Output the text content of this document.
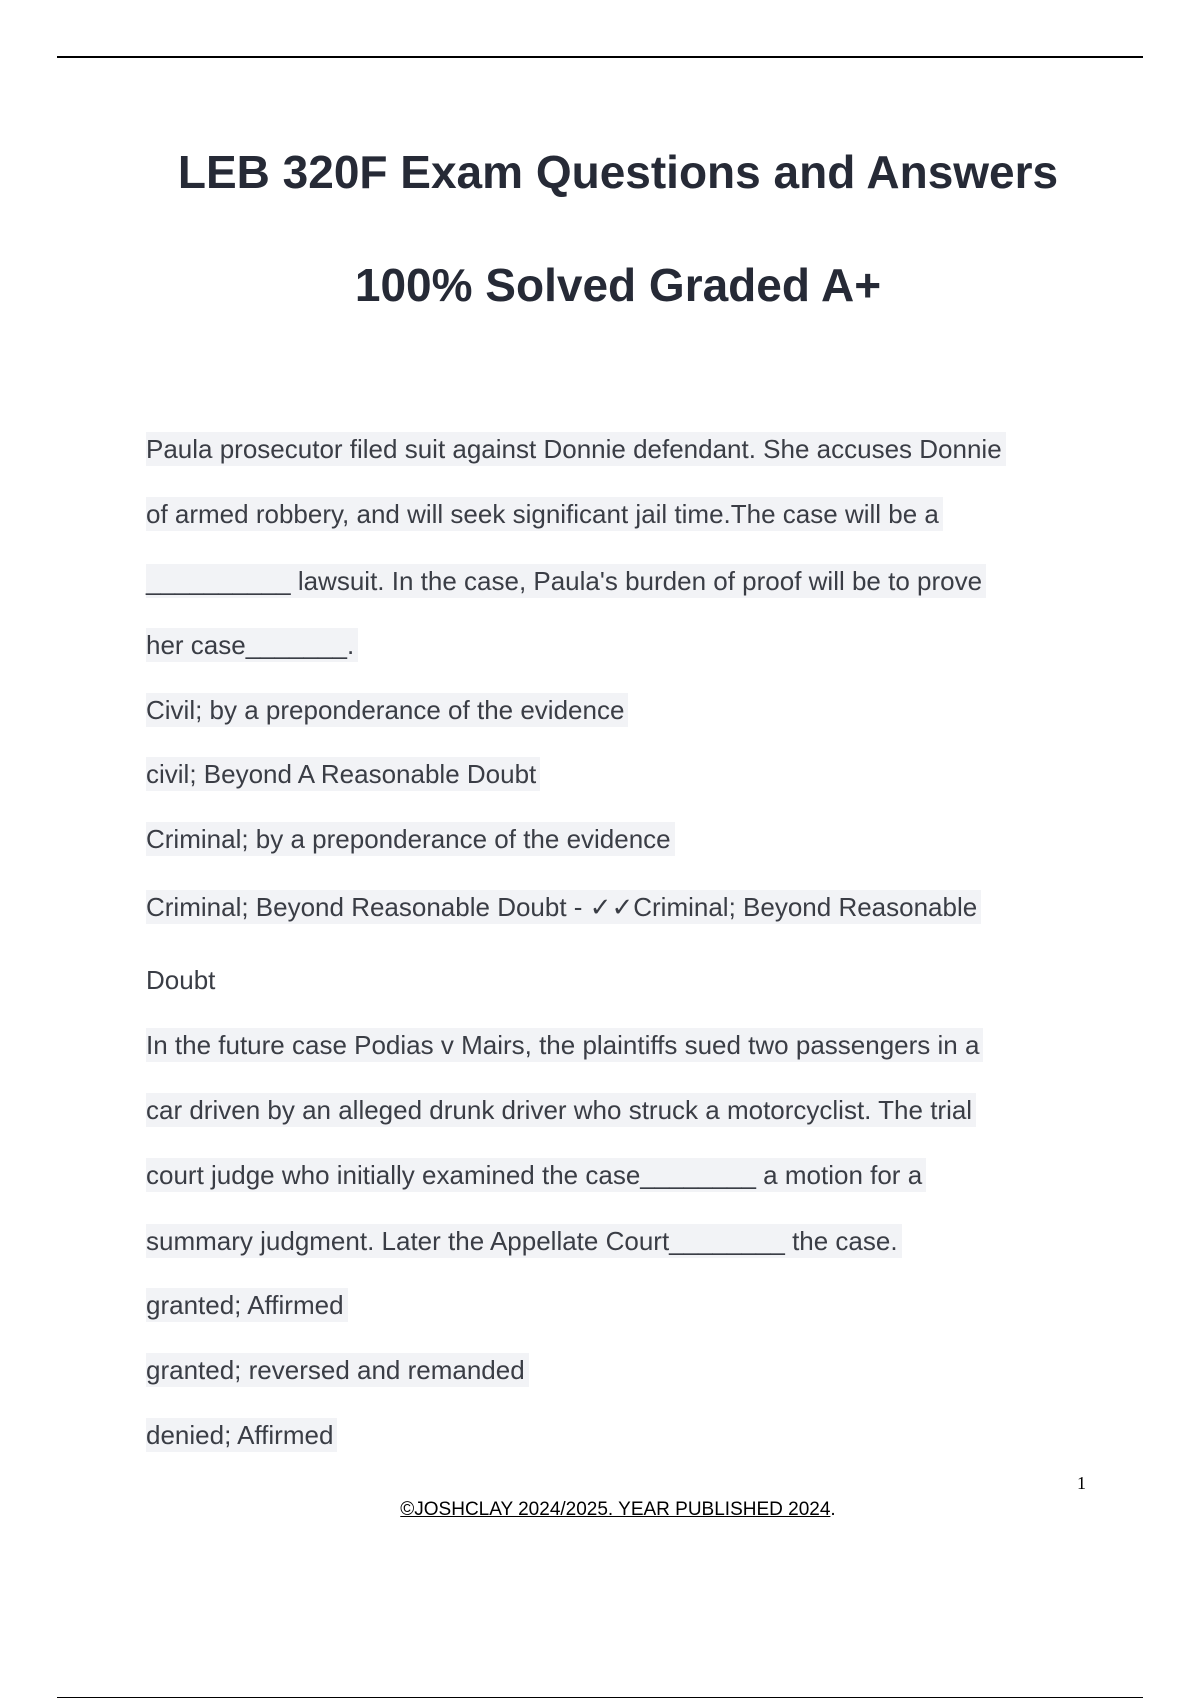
LEB 320F Exam Questions and Answers
100% Solved Graded A+
Paula prosecutor filed suit against Donnie defendant. She accuses Donnie
of armed robbery, and will seek significant jail time.The case will be a
__________ lawsuit. In the case, Paula's burden of proof will be to prove
her case_______.
Civil; by a preponderance of the evidence
civil; Beyond A Reasonable Doubt
Criminal; by a preponderance of the evidence
Criminal; Beyond Reasonable Doubt - ✓✓Criminal; Beyond Reasonable
Doubt
In the future case Podias v Mairs, the plaintiffs sued two passengers in a
car driven by an alleged drunk driver who struck a motorcyclist. The trial
court judge who initially examined the case________ a motion for a
summary judgment. Later the Appellate Court________ the case.
granted; Affirmed
granted; reversed and remanded
denied; Affirmed
1
©JOSHCLAY 2024/2025. YEAR PUBLISHED 2024.
